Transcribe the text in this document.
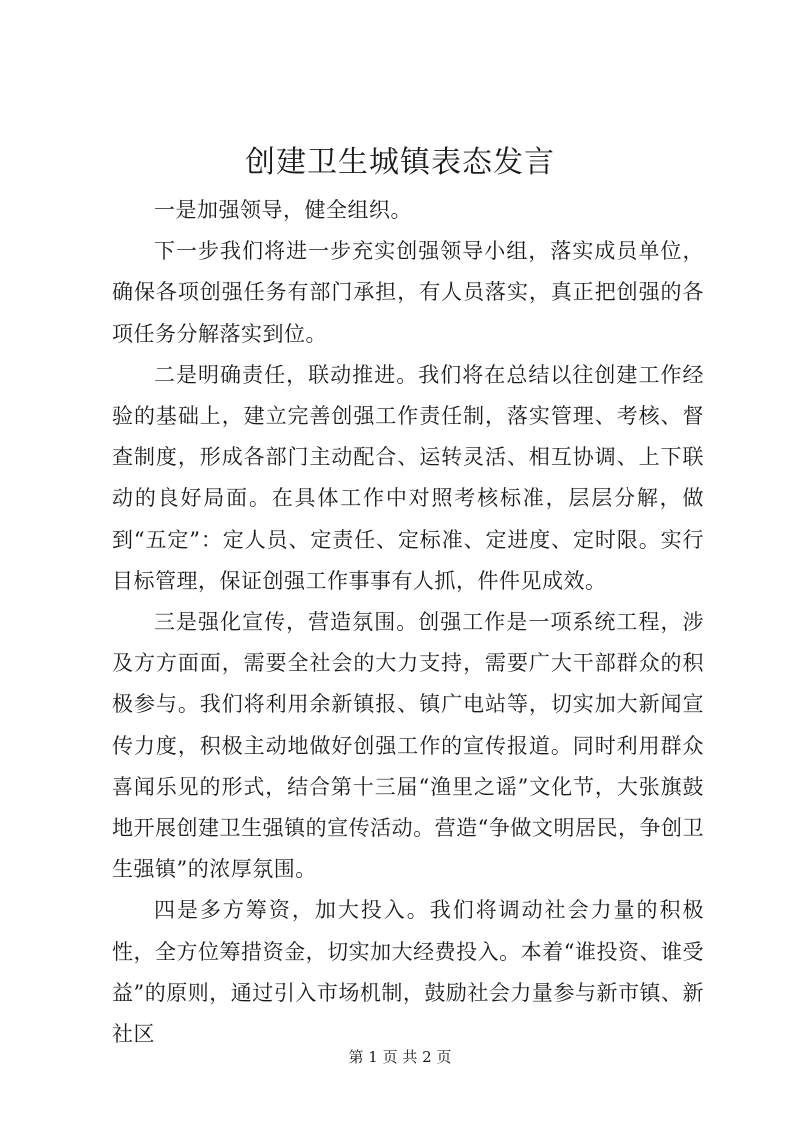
创建卫生城镇表态发言

一是加强领导，健全组织。

下一步我们将进一步充实创强领导小组，落实成员单位，确保各项创强任务有部门承担，有人员落实，真正把创强的各项任务分解落实到位。

二是明确责任，联动推进。我们将在总结以往创建工作经验的基础上，建立完善创强工作责任制，落实管理、考核、督查制度，形成各部门主动配合、运转灵活、相互协调、上下联动的良好局面。在具体工作中对照考核标准，层层分解，做到“五定”：定人员、定责任、定标准、定进度、定时限。实行目标管理，保证创强工作事事有人抓，件件见成效。

三是强化宣传，营造氛围。创强工作是一项系统工程，涉及方方面面，需要全社会的大力支持，需要广大干部群众的积极参与。我们将利用余新镇报、镇广电站等，切实加大新闻宣传力度，积极主动地做好创强工作的宣传报道。同时利用群众喜闻乐见的形式，结合第十三届“渔里之谣”文化节，大张旗鼓地开展创建卫生强镇的宣传活动。营造“争做文明居民，争创卫生强镇”的浓厚氛围。

四是多方筹资，加大投入。我们将调动社会力量的积极性，全方位筹措资金，切实加大经费投入。本着“谁投资、谁受益”的原则，通过引入市场机制，鼓励社会力量参与新市镇、新社区

第 1 页 共 2 页
